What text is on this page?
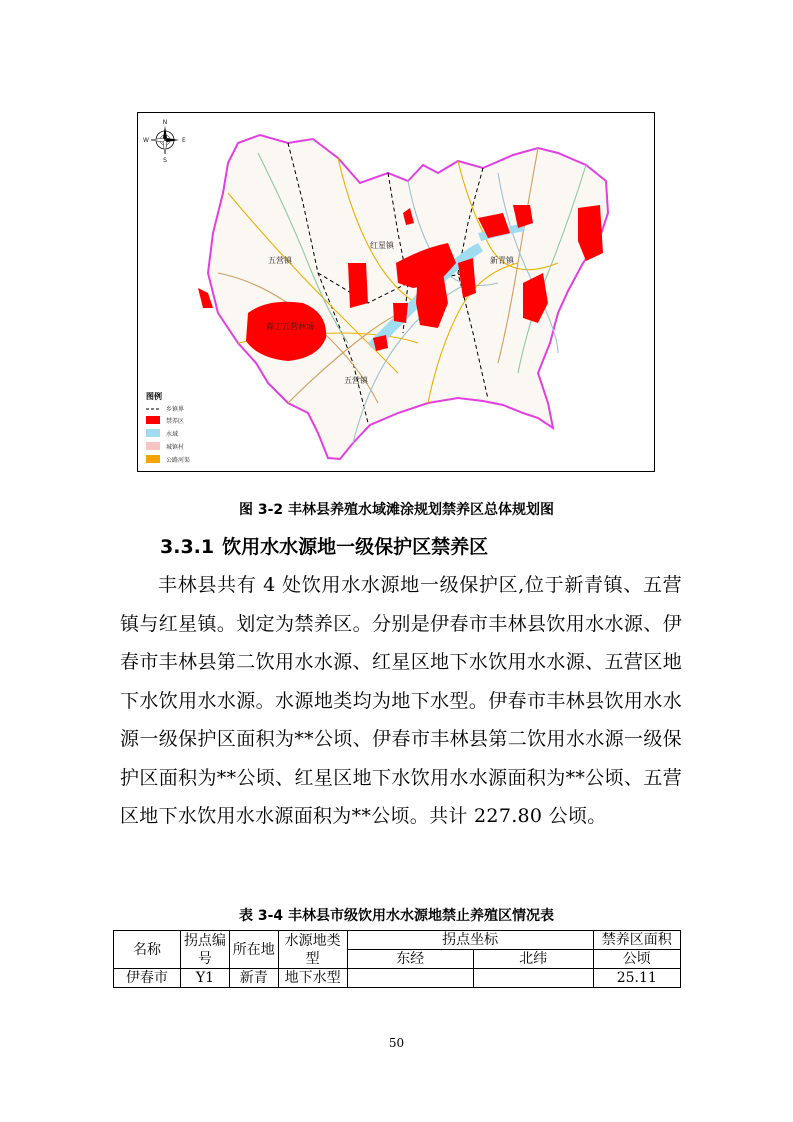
N
S
E
W
五营镇
红星镇
新青镇
森工五营林场
五营镇
图例
乡镇界
禁养区
水域
城镇村
公路河渠
图 3-2 丰林县养殖水域滩涂规划禁养区总体规划图
3.3.1 饮用水水源地一级保护区禁养区
丰林县共有 4 处饮用水水源地一级保护区,位于新青镇、五营镇与红星镇。划定为禁养区。分别是伊春市丰林县饮用水水源、伊春市丰林县第二饮用水水源、红星区地下水饮用水水源、五营区地下水饮用水水源。水源地类均为地下水型。伊春市丰林县饮用水水源一级保护区面积为**公顷、伊春市丰林县第二饮用水水源一级保护区面积为**公顷、红星区地下水饮用水水源面积为**公顷、五营区地下水饮用水水源面积为**公顷。共计 227.80 公顷。
表 3-4 丰林县市级饮用水水源地禁止养殖区情况表
名称	拐点编号	所在地	水源地类型	拐点坐标		禁养区面积
				东经	北纬	公顷
伊春市	Y1	新青	地下水型			25.11
50
